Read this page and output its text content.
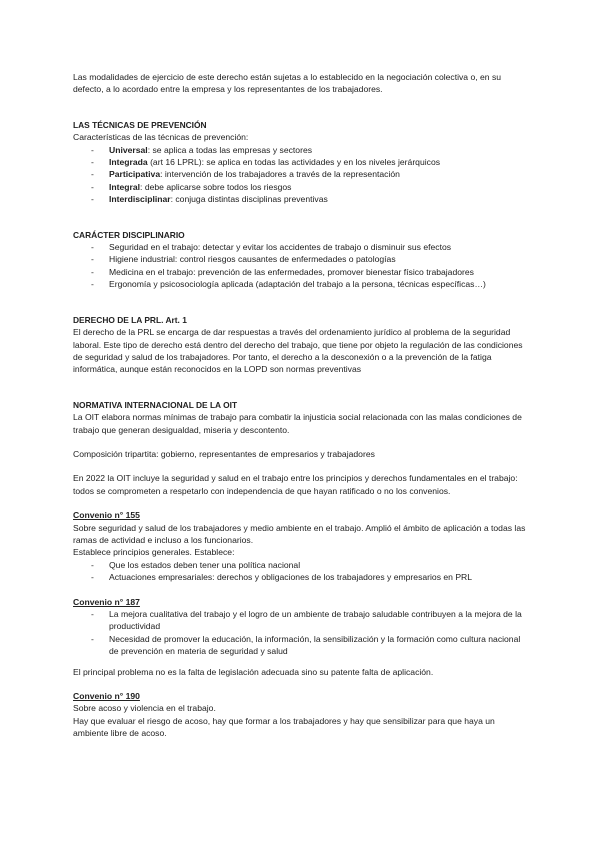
Las modalidades de ejercicio de este derecho están sujetas a lo establecido en la negociación colectiva o, en su defecto, a lo acordado entre la empresa y los representantes de los trabajadores.

LAS TÉCNICAS DE PREVENCIÓN

Características de las técnicas de prevención:

- Universal: se aplica a todas las empresas y sectores
- Integrada (art 16 LPRL): se aplica en todas las actividades y en los niveles jerárquicos
- Participativa: intervención de los trabajadores a través de la representación
- Integral: debe aplicarse sobre todos los riesgos
- Interdisciplinar: conjuga distintas disciplinas preventivas

CARÁCTER DISCIPLINARIO

- Seguridad en el trabajo: detectar y evitar los accidentes de trabajo o disminuir sus efectos
- Higiene industrial: control riesgos causantes de enfermedades o patologías
- Medicina en el trabajo: prevención de las enfermedades, promover bienestar físico trabajadores
- Ergonomía y psicosociología aplicada (adaptación del trabajo a la persona, técnicas específicas…)

DERECHO DE LA PRL. Art. 1

El derecho de la PRL se encarga de dar respuestas a través del ordenamiento jurídico al problema de la seguridad laboral. Este tipo de derecho está dentro del derecho del trabajo, que tiene por objeto la regulación de las condiciones de seguridad y salud de los trabajadores. Por tanto, el derecho a la desconexión o a la prevención de la fatiga informática, aunque están reconocidos en la LOPD son normas preventivas

NORMATIVA INTERNACIONAL DE LA OIT

La OIT elabora normas mínimas de trabajo para combatir la injusticia social relacionada con las malas condiciones de trabajo que generan desigualdad, miseria y descontento.

Composición tripartita: gobierno, representantes de empresarios y trabajadores

En 2022 la OIT incluye la seguridad y salud en el trabajo entre los principios y derechos fundamentales en el trabajo: todos se comprometen a respetarlo con independencia de que hayan ratificado o no los convenios.

Convenio n° 155

Sobre seguridad y salud de los trabajadores y medio ambiente en el trabajo. Amplió el ámbito de aplicación a todas las ramas de actividad e incluso a los funcionarios.

Establece principios generales. Establece:

- Que los estados deben tener una política nacional
- Actuaciones empresariales: derechos y obligaciones de los trabajadores y empresarios en PRL

Convenio n° 187

- La mejora cualitativa del trabajo y el logro de un ambiente de trabajo saludable contribuyen a la mejora de la productividad
- Necesidad de promover la educación, la información, la sensibilización y la formación como cultura nacional de prevención en materia de seguridad y salud

El principal problema no es la falta de legislación adecuada sino su patente falta de aplicación.

Convenio n° 190

Sobre acoso y violencia en el trabajo.

Hay que evaluar el riesgo de acoso, hay que formar a los trabajadores y hay que sensibilizar para que haya un ambiente libre de acoso.
